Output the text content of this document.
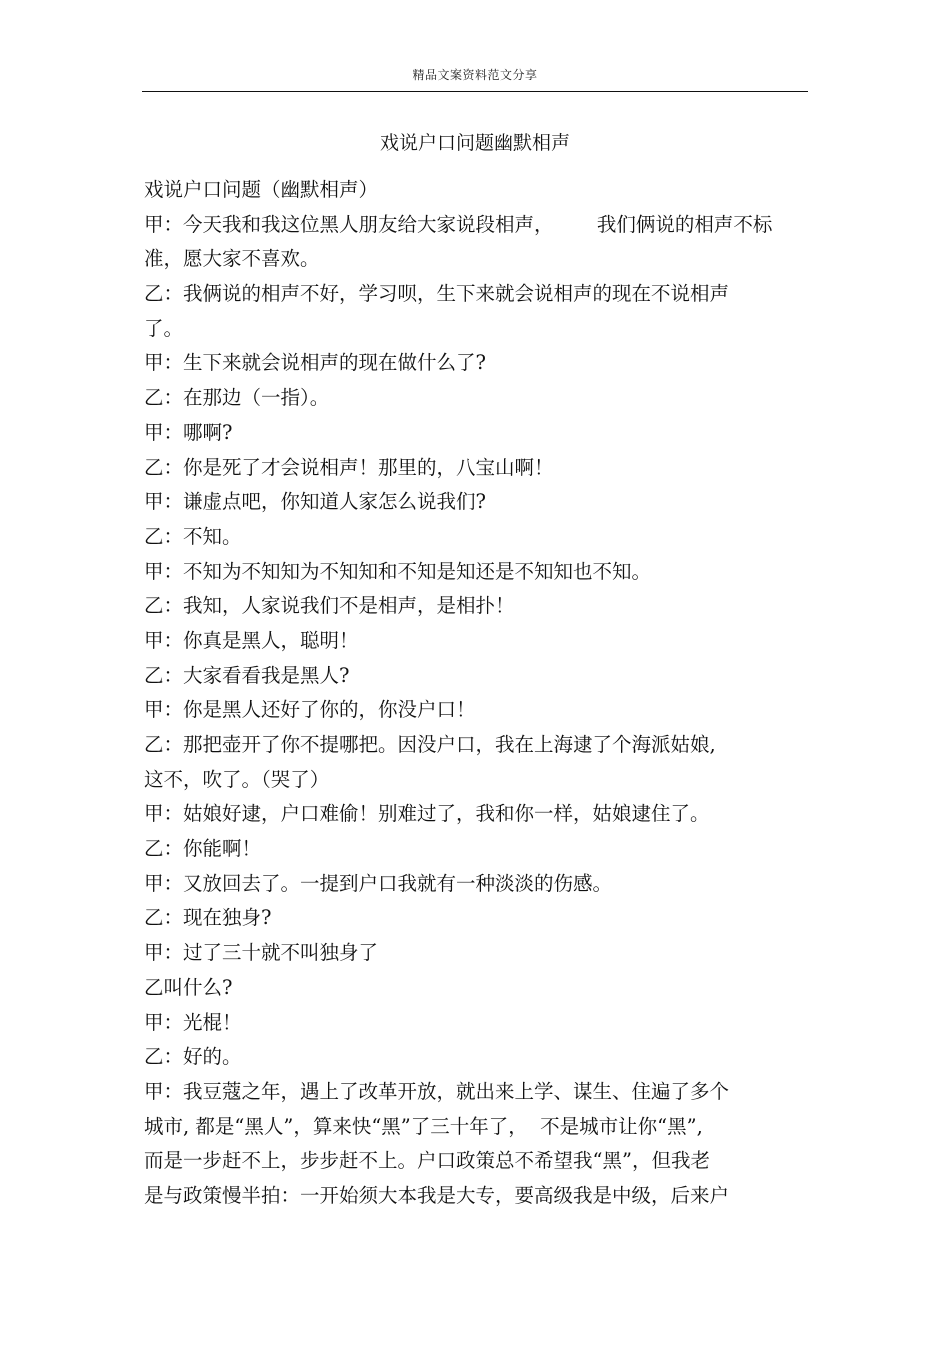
精品文案资料范文分享
戏说户口问题幽默相声
戏说户口问题（幽默相声）
甲：今天我和我这位黑人朋友给大家说段相声，       我们俩说的相声不标
准，愿大家不喜欢。
乙：我俩说的相声不好，学习呗，生下来就会说相声的现在不说相声
了。
甲：生下来就会说相声的现在做什么了?
乙：在那边（一指）。
甲：哪啊?
乙：你是死了才会说相声！那里的，八宝山啊！
甲：谦虚点吧，你知道人家怎么说我们?
乙：不知。
甲：不知为不知知为不知知和不知是知还是不知知也不知。
乙：我知，人家说我们不是相声，是相扑！
甲：你真是黑人，聪明！
乙：大家看看我是黑人?
甲：你是黑人还好了你的，你没户口！
乙：那把壶开了你不提哪把。因没户口，我在上海逮了个海派姑娘,
这不，吹了。（哭了）
甲：姑娘好逮，户口难偷！别难过了，我和你一样，姑娘逮住了。
乙：你能啊！
甲：又放回去了。一提到户口我就有一种淡淡的伤感。
乙：现在独身?
甲：过了三十就不叫独身了
乙叫什么?
甲：光棍！
乙：好的。
甲：我豆蔻之年，遇上了改革开放，就出来上学、谋生、住遍了多个
城市, 都是“黑人”，算来快“黑”了三十年了，  不是城市让你“黑”,
而是一步赶不上，步步赶不上。户口政策总不希望我“黑”，但我老
是与政策慢半拍：一开始须大本我是大专，要高级我是中级，后来户
